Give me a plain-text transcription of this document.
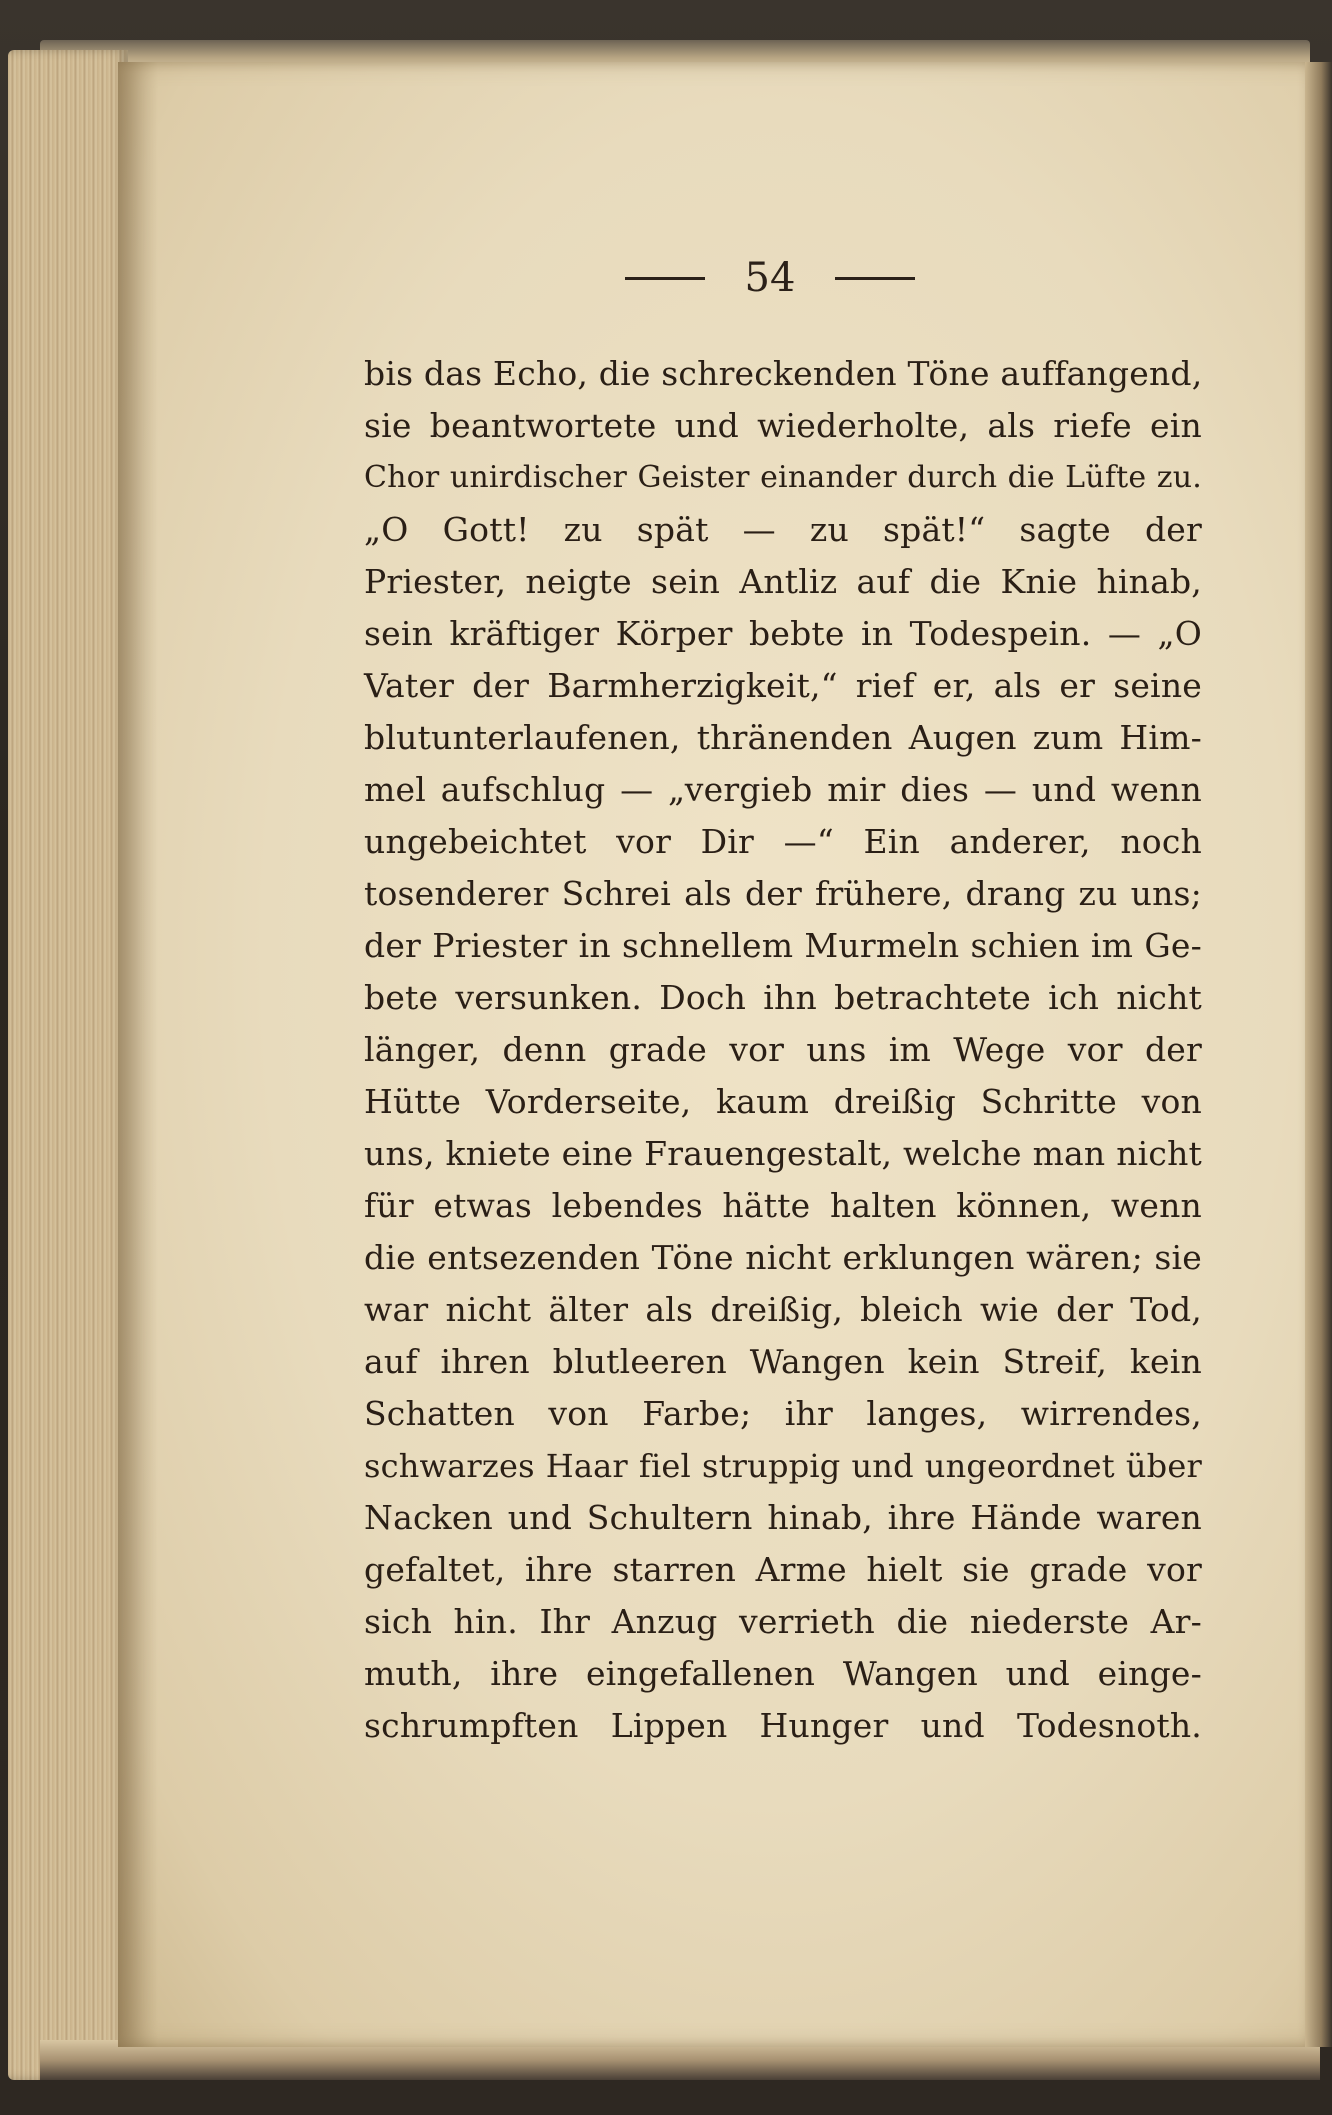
54
bis das Echo, die schreckenden Töne auffangend,
sie beantwortete und wiederholte, als riefe ein
Chor unirdischer Geister einander durch die Lüfte zu.
„O Gott! zu spät — zu spät!“ sagte der
Priester, neigte sein Antliz auf die Knie hinab,
sein kräftiger Körper bebte in Todespein. — „O
Vater der Barmherzigkeit,“ rief er, als er seine
blutunterlaufenen, thränenden Augen zum Him-
mel aufschlug — „vergieb mir dies — und wenn
ungebeichtet vor Dir —“ Ein anderer, noch
tosenderer Schrei als der frühere, drang zu uns;
der Priester in schnellem Murmeln schien im Ge-
bete versunken. Doch ihn betrachtete ich nicht
länger, denn grade vor uns im Wege vor der
Hütte Vorderseite, kaum dreißig Schritte von
uns, kniete eine Frauengestalt, welche man nicht
für etwas lebendes hätte halten können, wenn
die entsezenden Töne nicht erklungen wären; sie
war nicht älter als dreißig, bleich wie der Tod,
auf ihren blutleeren Wangen kein Streif, kein
Schatten von Farbe; ihr langes, wirrendes,
schwarzes Haar fiel struppig und ungeordnet über
Nacken und Schultern hinab, ihre Hände waren
gefaltet, ihre starren Arme hielt sie grade vor
sich hin. Ihr Anzug verrieth die niederste Ar-
muth, ihre eingefallenen Wangen und einge-
schrumpften Lippen Hunger und Todesnoth.
